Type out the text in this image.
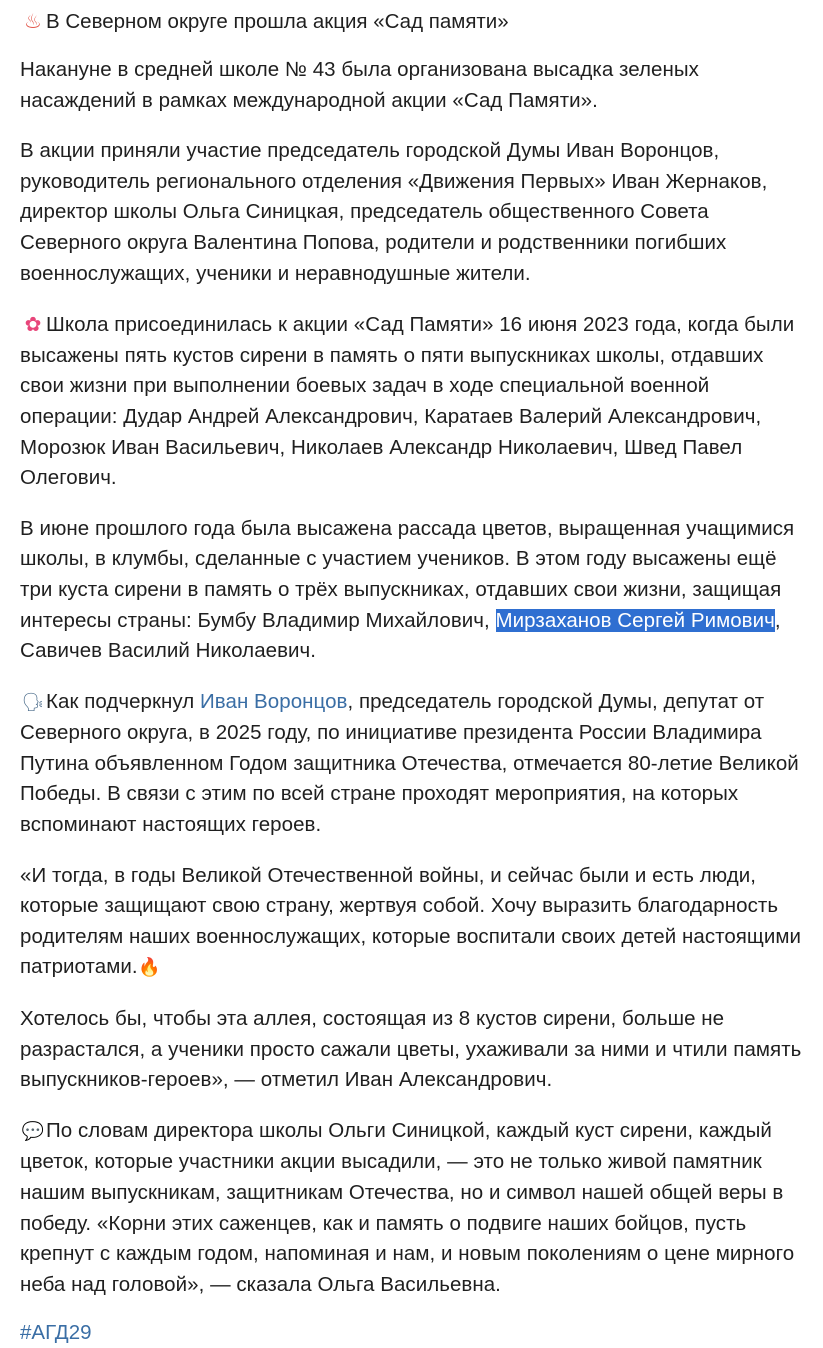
♨ В Северном округе прошла акция «Сад памяти»

Накануне в средней школе № 43 была организована высадка зеленых насаждений в рамках международной акции «Сад Памяти».

В акции приняли участие председатель городской Думы Иван Воронцов, руководитель регионального отделения «Движения Первых» Иван Жернаков, директор школы Ольга Синицкая, председатель общественного Совета Северного округа Валентина Попова, родители и родственники погибших военнослужащих, ученики и неравнодушные жители.

✿ Школа присоединилась к акции «Сад Памяти» 16 июня 2023 года, когда были высажены пять кустов сирени в память о пяти выпускниках школы, отдавших свои жизни при выполнении боевых задач в ходе специальной военной операции: Дудар Андрей Александрович, Каратаев Валерий Александрович, Морозюк Иван Васильевич, Николаев Александр Николаевич, Швед Павел Олегович.

В июне прошлого года была высажена рассада цветов, выращенная учащимися школы, в клумбы, сделанные с участием учеников. В этом году высажены ещё три куста сирени в память о трёх выпускниках, отдавших свои жизни, защищая интересы страны: Бумбу Владимир Михайлович, Мирзаханов Сергей Римович, Савичев Василий Николаевич.

🗣Как подчеркнул Иван Воронцов, председатель городской Думы, депутат от Северного округа, в 2025 году, по инициативе президента России Владимира Путина объявленном Годом защитника Отечества, отмечается 80-летие Великой Победы. В связи с этим по всей стране проходят мероприятия, на которых вспоминают настоящих героев.

«И тогда, в годы Великой Отечественной войны, и сейчас были и есть люди, которые защищают свою страну, жертвуя собой. Хочу выразить благодарность родителям наших военнослужащих, которые воспитали своих детей настоящими патриотами.🔥

Хотелось бы, чтобы эта аллея, состоящая из 8 кустов сирени, больше не разрастался, а ученики просто сажали цветы, ухаживали за ними и чтили память выпускников-героев», — отметил Иван Александрович.

💬По словам директора школы Ольги Синицкой, каждый куст сирени, каждый цветок, которые участники акции высадили, — это не только живой памятник нашим выпускникам, защитникам Отечества, но и символ нашей общей веры в победу. «Корни этих саженцев, как и память о подвиге наших бойцов, пусть крепнут с каждым годом, напоминая и нам, и новым поколениям о цене мирного неба над головой», — сказала Ольга Васильевна.

#АГД29
